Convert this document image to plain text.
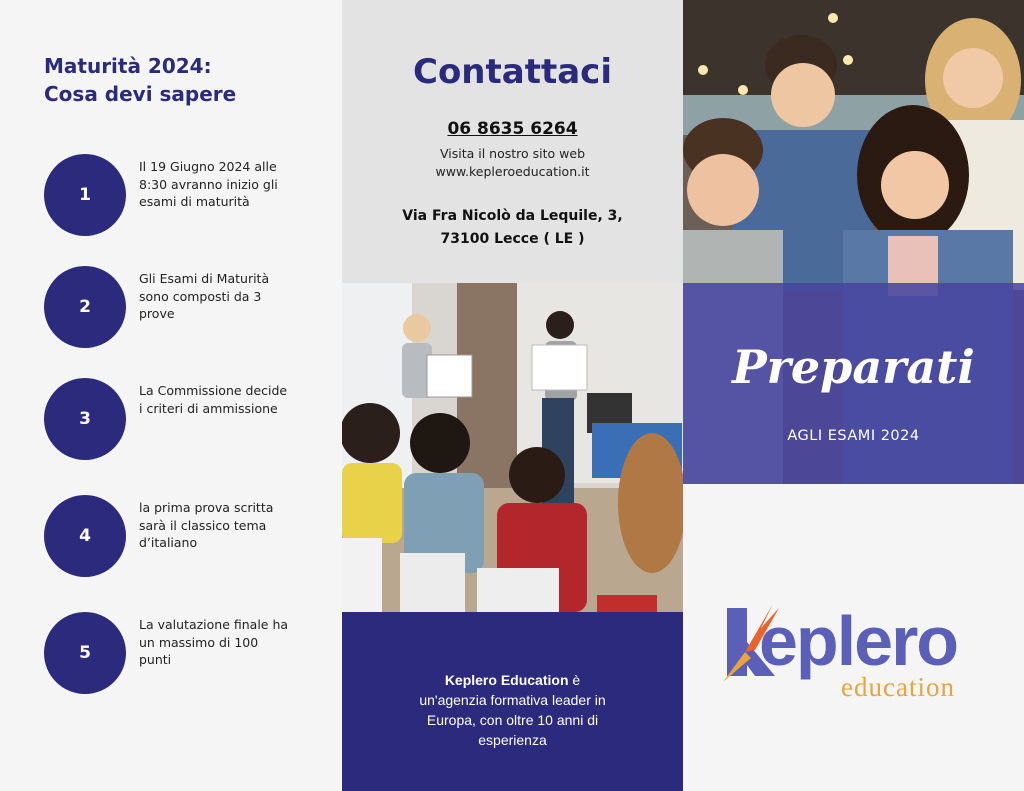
Maturità 2024:
Cosa devi sapere
1

Il 19 Giugno 2024 alle 8:30 avranno inizio gli esami di maturità

2

Gli Esami di Maturità sono composti da 3 prove

3

La Commissione decide i criteri di ammissione

4

la prima prova scritta sarà il classico tema d’italiano

5

La valutazione finale ha un massimo di 100 punti

Contattaci
06 8635 6264

Visita il nostro sito web

www.kepleroeducation.it

Via Fra Nicolò da Lequile, 3,

73100 Lecce ( LE )

Keplero Education è un'agenzia formativa leader in Europa, con oltre 10 anni di esperienza

Preparati

AGLI ESAMI 2024

eplero
education
